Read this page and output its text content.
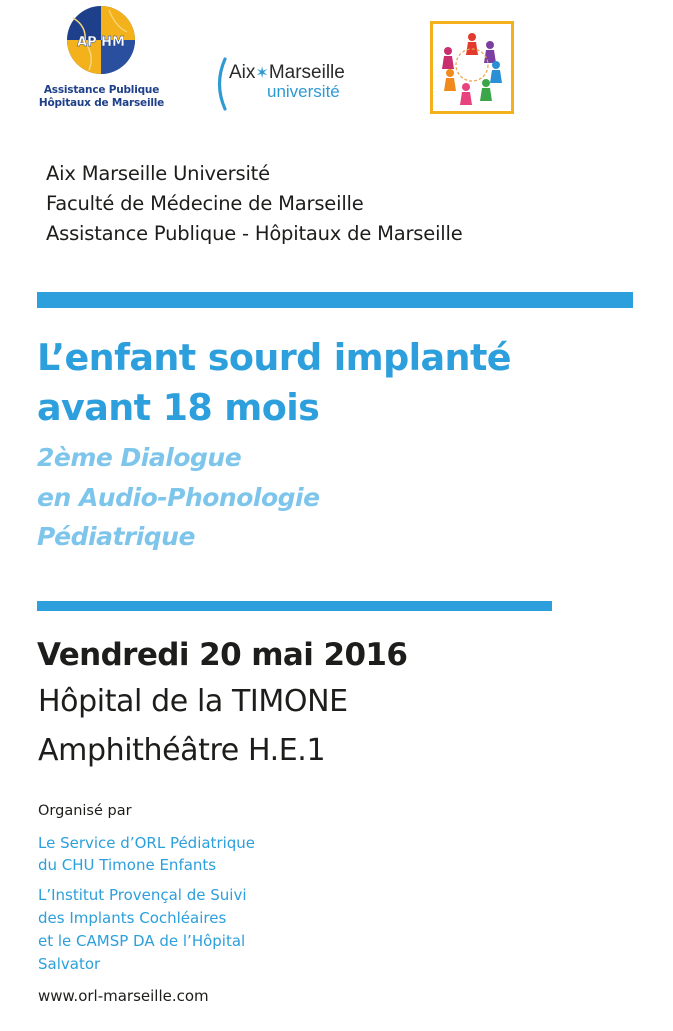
AP HM
Assistance Publique
Hôpitaux de Marseille
Aix✶Marseille
université
Aix Marseille Université
Faculté de Médecine de Marseille
Assistance Publique - Hôpitaux de Marseille
L’enfant sourd implanté
avant 18 mois
2ème Dialogue
en Audio-Phonologie
Pédiatrique
Vendredi 20 mai 2016
Hôpital de la TIMONE
Amphithéâtre H.E.1
Organisé par
Le Service d’ORL Pédiatrique
du CHU Timone Enfants
L’Institut Provençal de Suivi
des Implants Cochléaires
et le CAMSP DA de l’Hôpital
Salvator
www.orl-marseille.com
